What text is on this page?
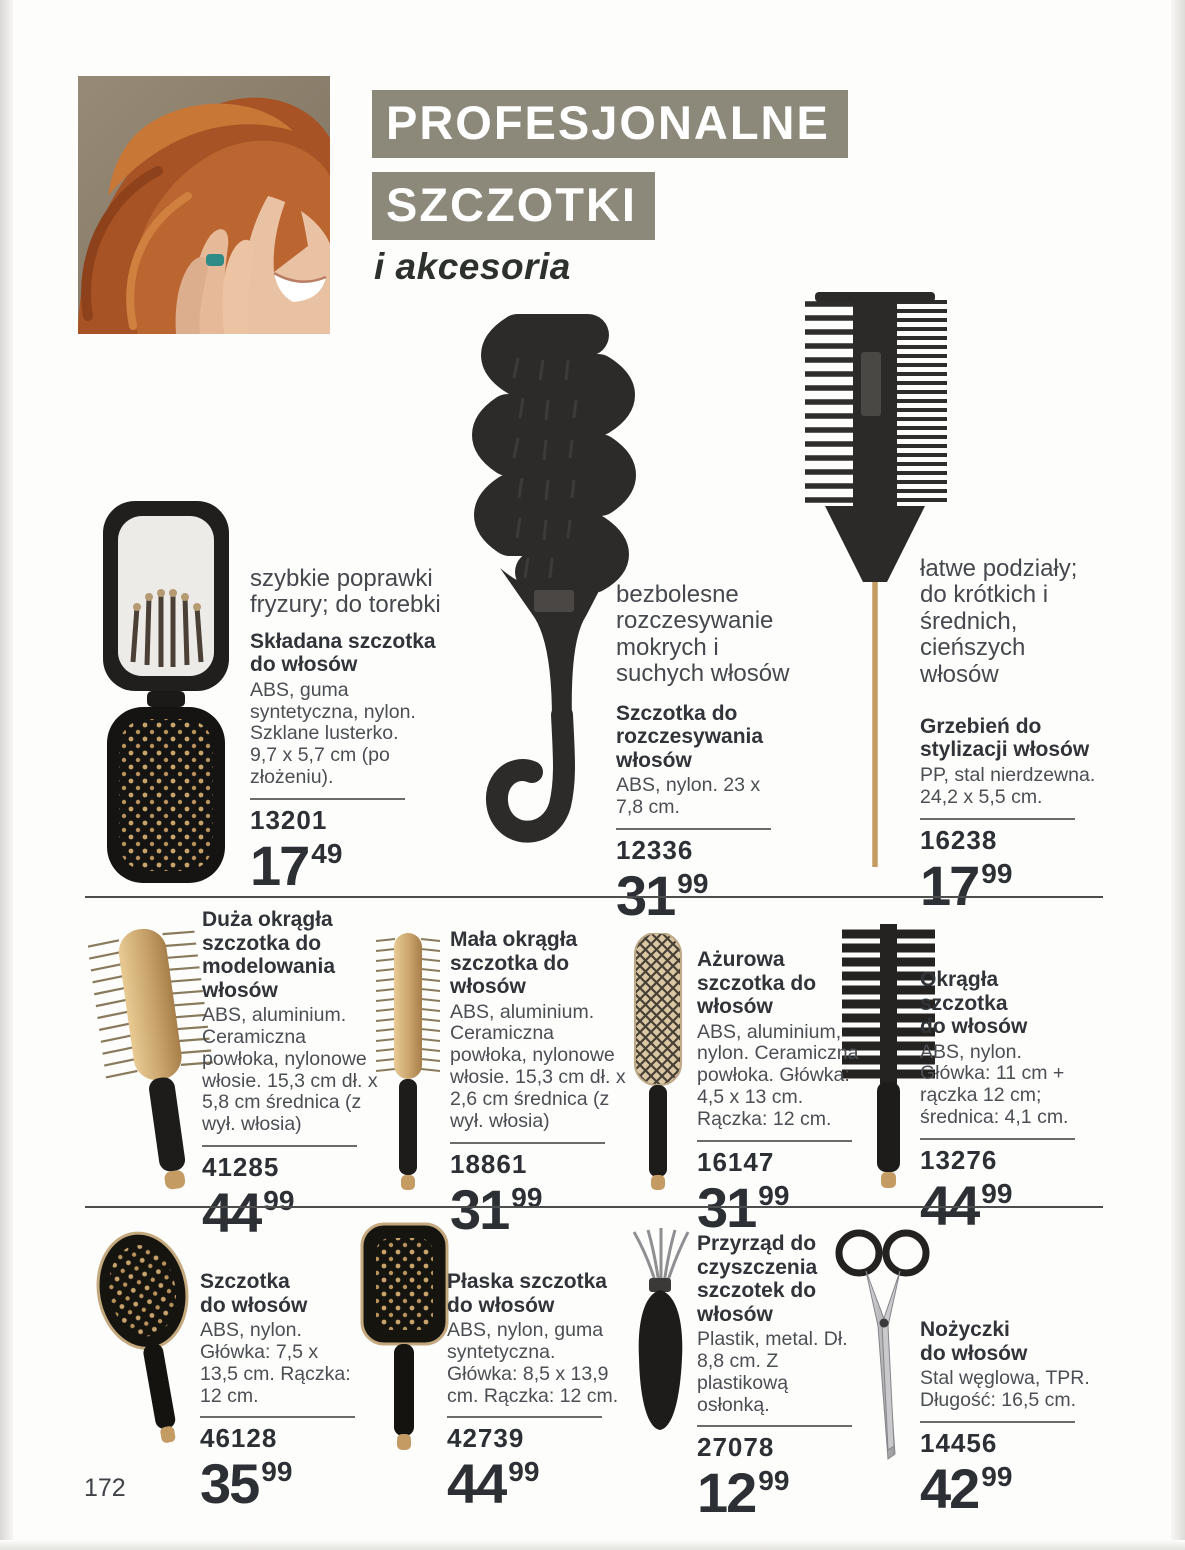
PROFESJONALNE
SZCZOTKI
i akcesoria
szybkie poprawki fryzury; do torebki
Składana szczotka do włosów
ABS, guma syntetyczna, nylon. Szklane lusterko. 9,7 x 5,7 cm (po złożeniu).
13201
17 $^{49}$
bezbolesne rozczesywanie mokrych i suchych włosów
Szczotka do rozczesywania włosów
ABS, nylon. 23 x 7,8 cm.
12336
31 $^{99}$
łatwe podziały; do krótkich i średnich, cieńszych włosów
Grzebień do stylizacji włosów
PP, stal nierdzewna. 24,2 x 5,5 cm.
16238
17 $^{99}$
Duża okrągła szczotka do modelowania włosów
ABS, aluminium. Ceramiczna powłoka, nylonowe włosie. 15,3 cm dł. x 5,8 cm średnica (z wył. włosia)
41285
44 $^{99}$
Mała okrągła szczotka do włosów
ABS, aluminium. Ceramiczna powłoka, nylonowe włosie. 15,3 cm dł. x 2,6 cm średnica (z wył. włosia)
18861
31 $^{99}$
Ażurowa szczotka do włosów
ABS, aluminium, nylon. Ceramiczna powłoka. Główka: 4,5 x 13 cm. Rączka: 12 cm.
16147
31 $^{99}$
Okrągła szczotka do włosów
ABS, nylon. Główka: 11 cm + rączka 12 cm; średnica: 4,1 cm.
13276
44 $^{99}$
Szczotka do włosów
ABS, nylon. Główka: 7,5 x 13,5 cm. Rączka: 12 cm.
46128
35 $^{99}$
Płaska szczotka do włosów
ABS, nylon, guma syntetyczna. Główka: 8,5 x 13,9 cm. Rączka: 12 cm.
42739
44 $^{99}$
Przyrząd do czyszczenia szczotek do włosów
Plastik, metal. Dł. 8,8 cm. Z plastikową osłonką.
27078
12 $^{99}$
Nożyczki do włosów
Stal węglowa, TPR. Długość: 16,5 cm.
14456
42 $^{99}$
172
